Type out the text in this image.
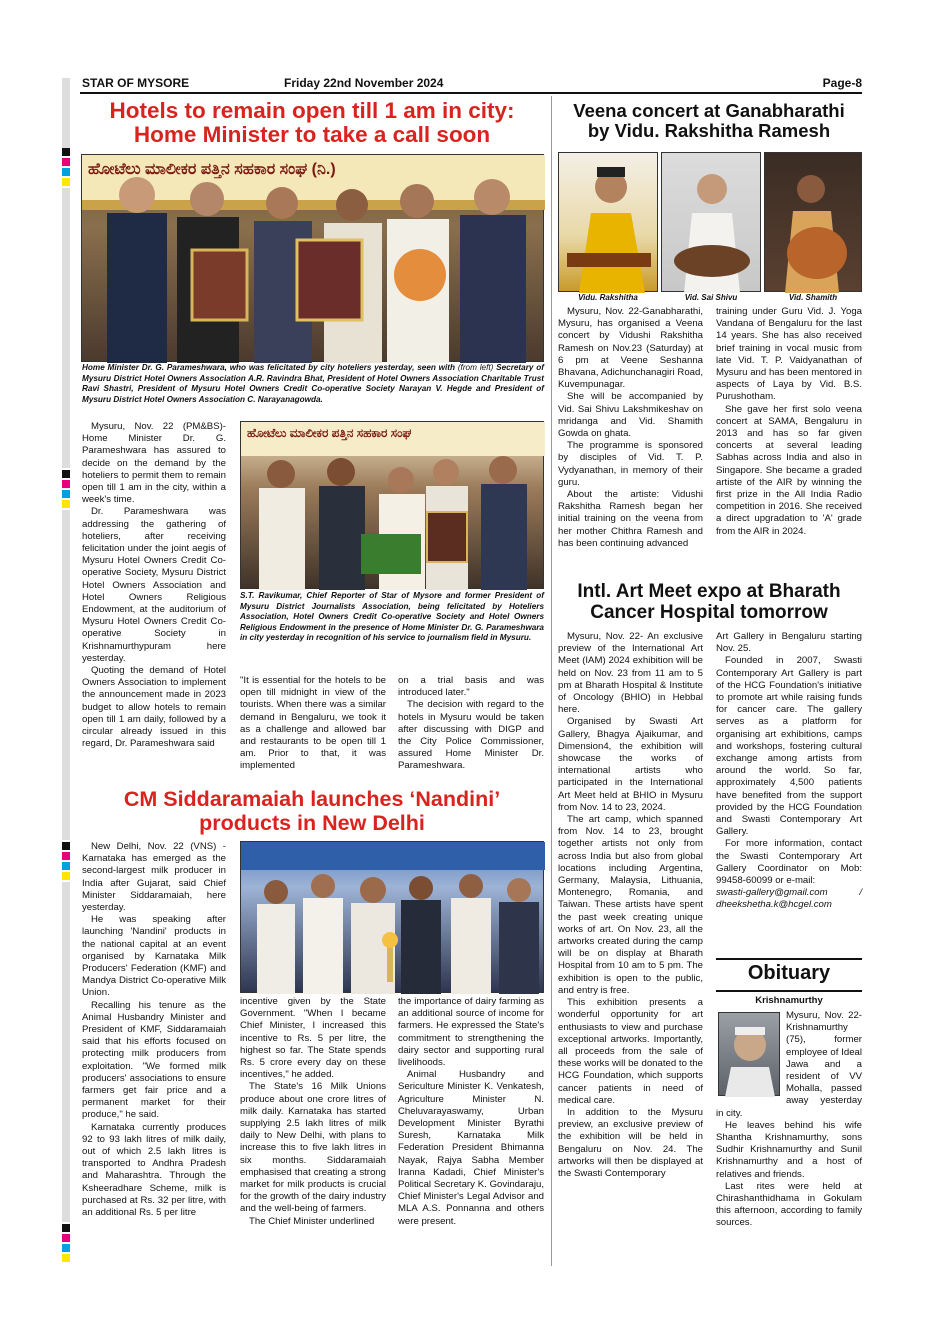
STAR OF MYSORE	Friday 22nd November 2024	Page-8
Hotels to remain open till 1 am in city:
Home Minister to take a call soon
ಹೋಟೆಲು ಮಾಲೀಕರ ಪತ್ತಿನ ಸಹಕಾರ ಸಂಘ (ನಿ.)
Home Minister Dr. G. Parameshwara, who was felicitated by city hoteliers yesterday, seen with (from left) Secretary of Mysuru District Hotel Owners Association A.R. Ravindra Bhat, President of Hotel Owners Association Charitable Trust Ravi Shastri, President of Mysuru Hotel Owners Credit Co-operative Society Narayan V. Hegde and President of Mysuru District Hotel Owners Association C. Narayanagowda.

Mysuru, Nov. 22 (PM&BS)- Home Minister Dr. G. Parameshwara has assured to decide on the demand by the hoteliers to permit them to remain open till 1 am in the city, within a week's time.

Dr. Parameshwara was addressing the gathering of hoteliers, after receiving felicitation under the joint aegis of Mysuru Hotel Owners Credit Co-operative Society, Mysuru District Hotel Owners Association and Hotel Owners Religious Endowment, at the auditorium of Mysuru Hotel Owners Credit Co-operative Society in Krishnamurthypuram here yesterday.

Quoting the demand of Hotel Owners Association to implement the announcement made in 2023 budget to allow hotels to remain open till 1 am daily, followed by a circular already issued in this regard, Dr. Parameshwara said

ಹೋಟೆಲು ಮಾಲೀಕರ ಪತ್ತಿನ ಸಹಕಾರ ಸಂಘ
S.T. Ravikumar, Chief Reporter of Star of Mysore and former President of Mysuru District Journalists Association, being felicitated by Hoteliers Association, Hotel Owners Credit Co-operative Society and Hotel Owners Religious Endowment in the presence of Home Minister Dr. G. Parameshwara in city yesterday in recognition of his service to journalism field in Mysuru.

"It is essential for the hotels to be open till midnight in view of the tourists. When there was a similar demand in Bengaluru, we took it as a challenge and allowed bar and restaurants to be open till 1 am. Prior to that, it was implemented

on a trial basis and was introduced later."

The decision with regard to the hotels in Mysuru would be taken after discussing with DIGP and the City Police Commissioner, assured Home Minister Dr. Parameshwara.

CM Siddaramaiah launches ‘Nandini’
products in New Delhi

New Delhi, Nov. 22 (VNS) - Karnataka has emerged as the second-largest milk producer in India after Gujarat, said Chief Minister Siddaramaiah, here yesterday.

He was speaking after launching 'Nandini' products in the national capital at an event organised by Karnataka Milk Producers' Federation (KMF) and Mandya District Co-operative Milk Union.

Recalling his tenure as the Animal Husbandry Minister and President of KMF, Siddaramaiah said that his efforts focused on protecting milk producers from exploitation. "We formed milk producers' associations to ensure farmers get fair price and a permanent market for their produce," he said.

Karnataka currently produces 92 to 93 lakh litres of milk daily, out of which 2.5 lakh litres is transported to Andhra Pradesh and Maharashtra. Through the Ksheeradhare Scheme, milk is purchased at Rs. 32 per litre, with an additional Rs. 5 per litre

incentive given by the State Government. "When I became Chief Minister, I increased this incentive to Rs. 5 per litre, the highest so far. The State spends Rs. 5 crore every day on these incentives," he added.

The State's 16 Milk Unions produce about one crore litres of milk daily. Karnataka has started supplying 2.5 lakh litres of milk daily to New Delhi, with plans to increase this to five lakh litres in six months. Siddaramaiah emphasised that creating a strong market for milk products is crucial for the growth of the dairy industry and the well-being of farmers.

The Chief Minister underlined

the importance of dairy farming as an additional source of income for farmers. He expressed the State's commitment to strengthening the dairy sector and supporting rural livelihoods.

Animal Husbandry and Sericulture Minister K. Venkatesh, Agriculture Minister N. Cheluvarayaswamy, Urban Development Minister Byrathi Suresh, Karnataka Milk Federation President Bhimanna Nayak, Rajya Sabha Member Iranna Kadadi, Chief Minister's Political Secretary K. Govindaraju, Chief Minister's Legal Advisor and MLA A.S. Ponnanna and others were present.

Veena concert at Ganabharathi
by Vidu. Rakshitha Ramesh
Vidu. Rakshitha	Vid. Sai Shivu	Vid. Shamith

Mysuru, Nov. 22-Ganabharathi, Mysuru, has organised a Veena concert by Vidushi Rakshitha Ramesh on Nov.23 (Saturday) at 6 pm at Veene Seshanna Bhavana, Adichunchanagiri Road, Kuvempunagar.

She will be accompanied by Vid. Sai Shivu Lakshmikeshav on mridanga and Vid. Shamith Gowda on ghata.

The programme is sponsored by disciples of Vid. T. P. Vydyanathan, in memory of their guru.

About the artiste: Vidushi Rakshitha Ramesh began her initial training on the veena from her mother Chithra Ramesh and has been continuing advanced

training under Guru Vid. J. Yoga Vandana of Bengaluru for the last 14 years. She has also received brief training in vocal music from late Vid. T. P. Vaidyanathan of Mysuru and has been mentored in aspects of Laya by Vid. B.S. Purushotham.

She gave her first solo veena concert at SAMA, Bengaluru in 2013 and has so far given concerts at several leading Sabhas across India and also in Singapore. She became a graded artiste of the AIR by winning the first prize in the All India Radio competition in 2016. She received a direct upgradation to 'A' grade from the AIR in 2024.

Intl. Art Meet expo at Bharath
Cancer Hospital tomorrow

Mysuru, Nov. 22- An exclusive preview of the International Art Meet (IAM) 2024 exhibition will be held on Nov. 23 from 11 am to 5 pm at Bharath Hospital & Institute of Oncology (BHIO) in Hebbal here.

Organised by Swasti Art Gallery, Bhagya Ajaikumar, and Dimension4, the exhibition will showcase the works of international artists who participated in the International Art Meet held at BHIO in Mysuru from Nov. 14 to 23, 2024.

The art camp, which spanned from Nov. 14 to 23, brought together artists not only from across India but also from global locations including Argentina, Germany, Malaysia, Lithuania, Montenegro, Romania, and Taiwan. These artists have spent the past week creating unique works of art. On Nov. 23, all the artworks created during the camp will be on display at Bharath Hospital from 10 am to 5 pm. The exhibition is open to the public, and entry is free.

This exhibition presents a wonderful opportunity for art enthusiasts to view and purchase exceptional artworks. Importantly, all proceeds from the sale of these works will be donated to the HCG Foundation, which supports cancer patients in need of medical care.

In addition to the Mysuru preview, an exclusive preview of the exhibition will be held in Bengaluru on Nov. 24. The artworks will then be displayed at the Swasti Contemporary

Art Gallery in Bengaluru starting Nov. 25.

Founded in 2007, Swasti Contemporary Art Gallery is part of the HCG Foundation's initiative to promote art while raising funds for cancer care. The gallery serves as a platform for organising art exhibitions, camps and workshops, fostering cultural exchange among artists from around the world. So far, approximately 4,500 patients have benefited from the support provided by the HCG Foundation and Swasti Contemporary Art Gallery.

For more information, contact the Swasti Contemporary Art Gallery Coordinator on Mob: 99458-60099 or e-mail:

swasti-gallery@gmail.com / dheekshetha.k@hcgel.com

Obituary
Krishnamurthy

Mysuru, Nov. 22- Krishnamurthy (75), former employee of Ideal Jawa and a resident of VV Mohalla, passed away yesterday in city.

He leaves behind his wife Shantha Krishnamurthy, sons Sudhir Krishnamurthy and Sunil Krishnamurthy and a host of relatives and friends.

Last rites were held at Chirashanthidhama in Gokulam this afternoon, according to family sources.
